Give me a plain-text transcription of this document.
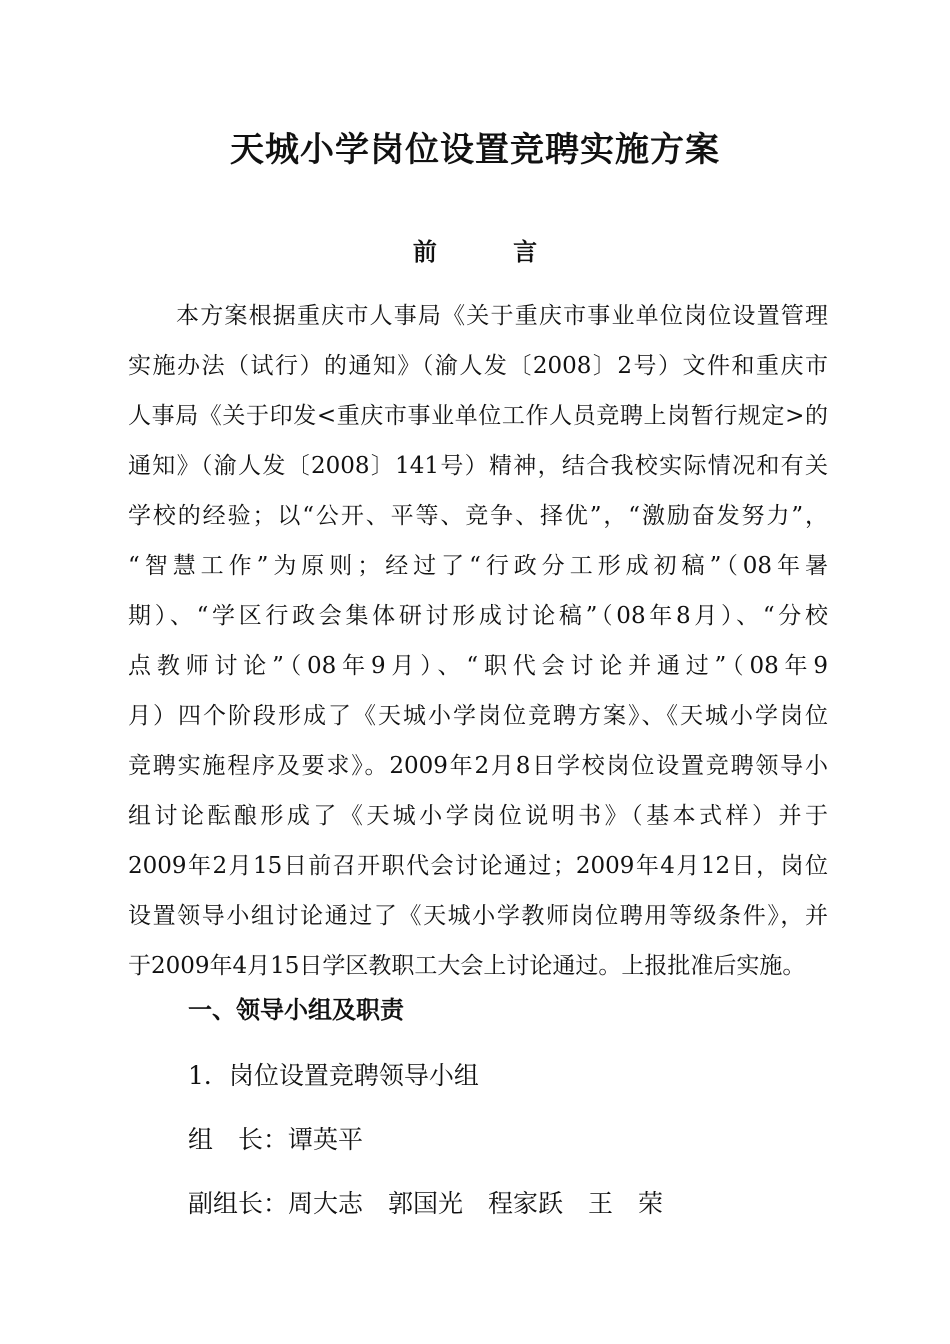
天城小学岗位设置竞聘实施方案
前 言
本方案根据重庆市人事局《关于重庆市事业单位岗位设置管理
实施办法（试行）的通知》（渝人发〔2008〕2号）文件和重庆市
人事局《关于印发<重庆市事业单位工作人员竞聘上岗暂行规定>的
通知》（渝人发〔2008〕141号）精神，结合我校实际情况和有关
学校的经验；以“公开、平等、竞争、择优”，“激励奋发努力”，
“智慧工作”为原则；经过了“行政分工形成初稿”（08年暑
期）、“学区行政会集体研讨形成讨论稿”（08年8月）、“分校
点教师讨论”（08年9月）、“职代会讨论并通过”（08年9
月）四个阶段形成了《天城小学岗位竞聘方案》、《天城小学岗位
竞聘实施程序及要求》。2009年2月8日学校岗位设置竞聘领导小
组讨论酝酿形成了《天城小学岗位说明书》（基本式样）并于
2009年2月15日前召开职代会讨论通过；2009年4月12日，岗位
设置领导小组讨论通过了《天城小学教师岗位聘用等级条件》，并
于2009年4月15日学区教职工大会上讨论通过。上报批准后实施。
一、领导小组及职责
1．岗位设置竞聘领导小组
组　长：谭英平
副组长：周大志　郭国光　程家跃　王　荣
